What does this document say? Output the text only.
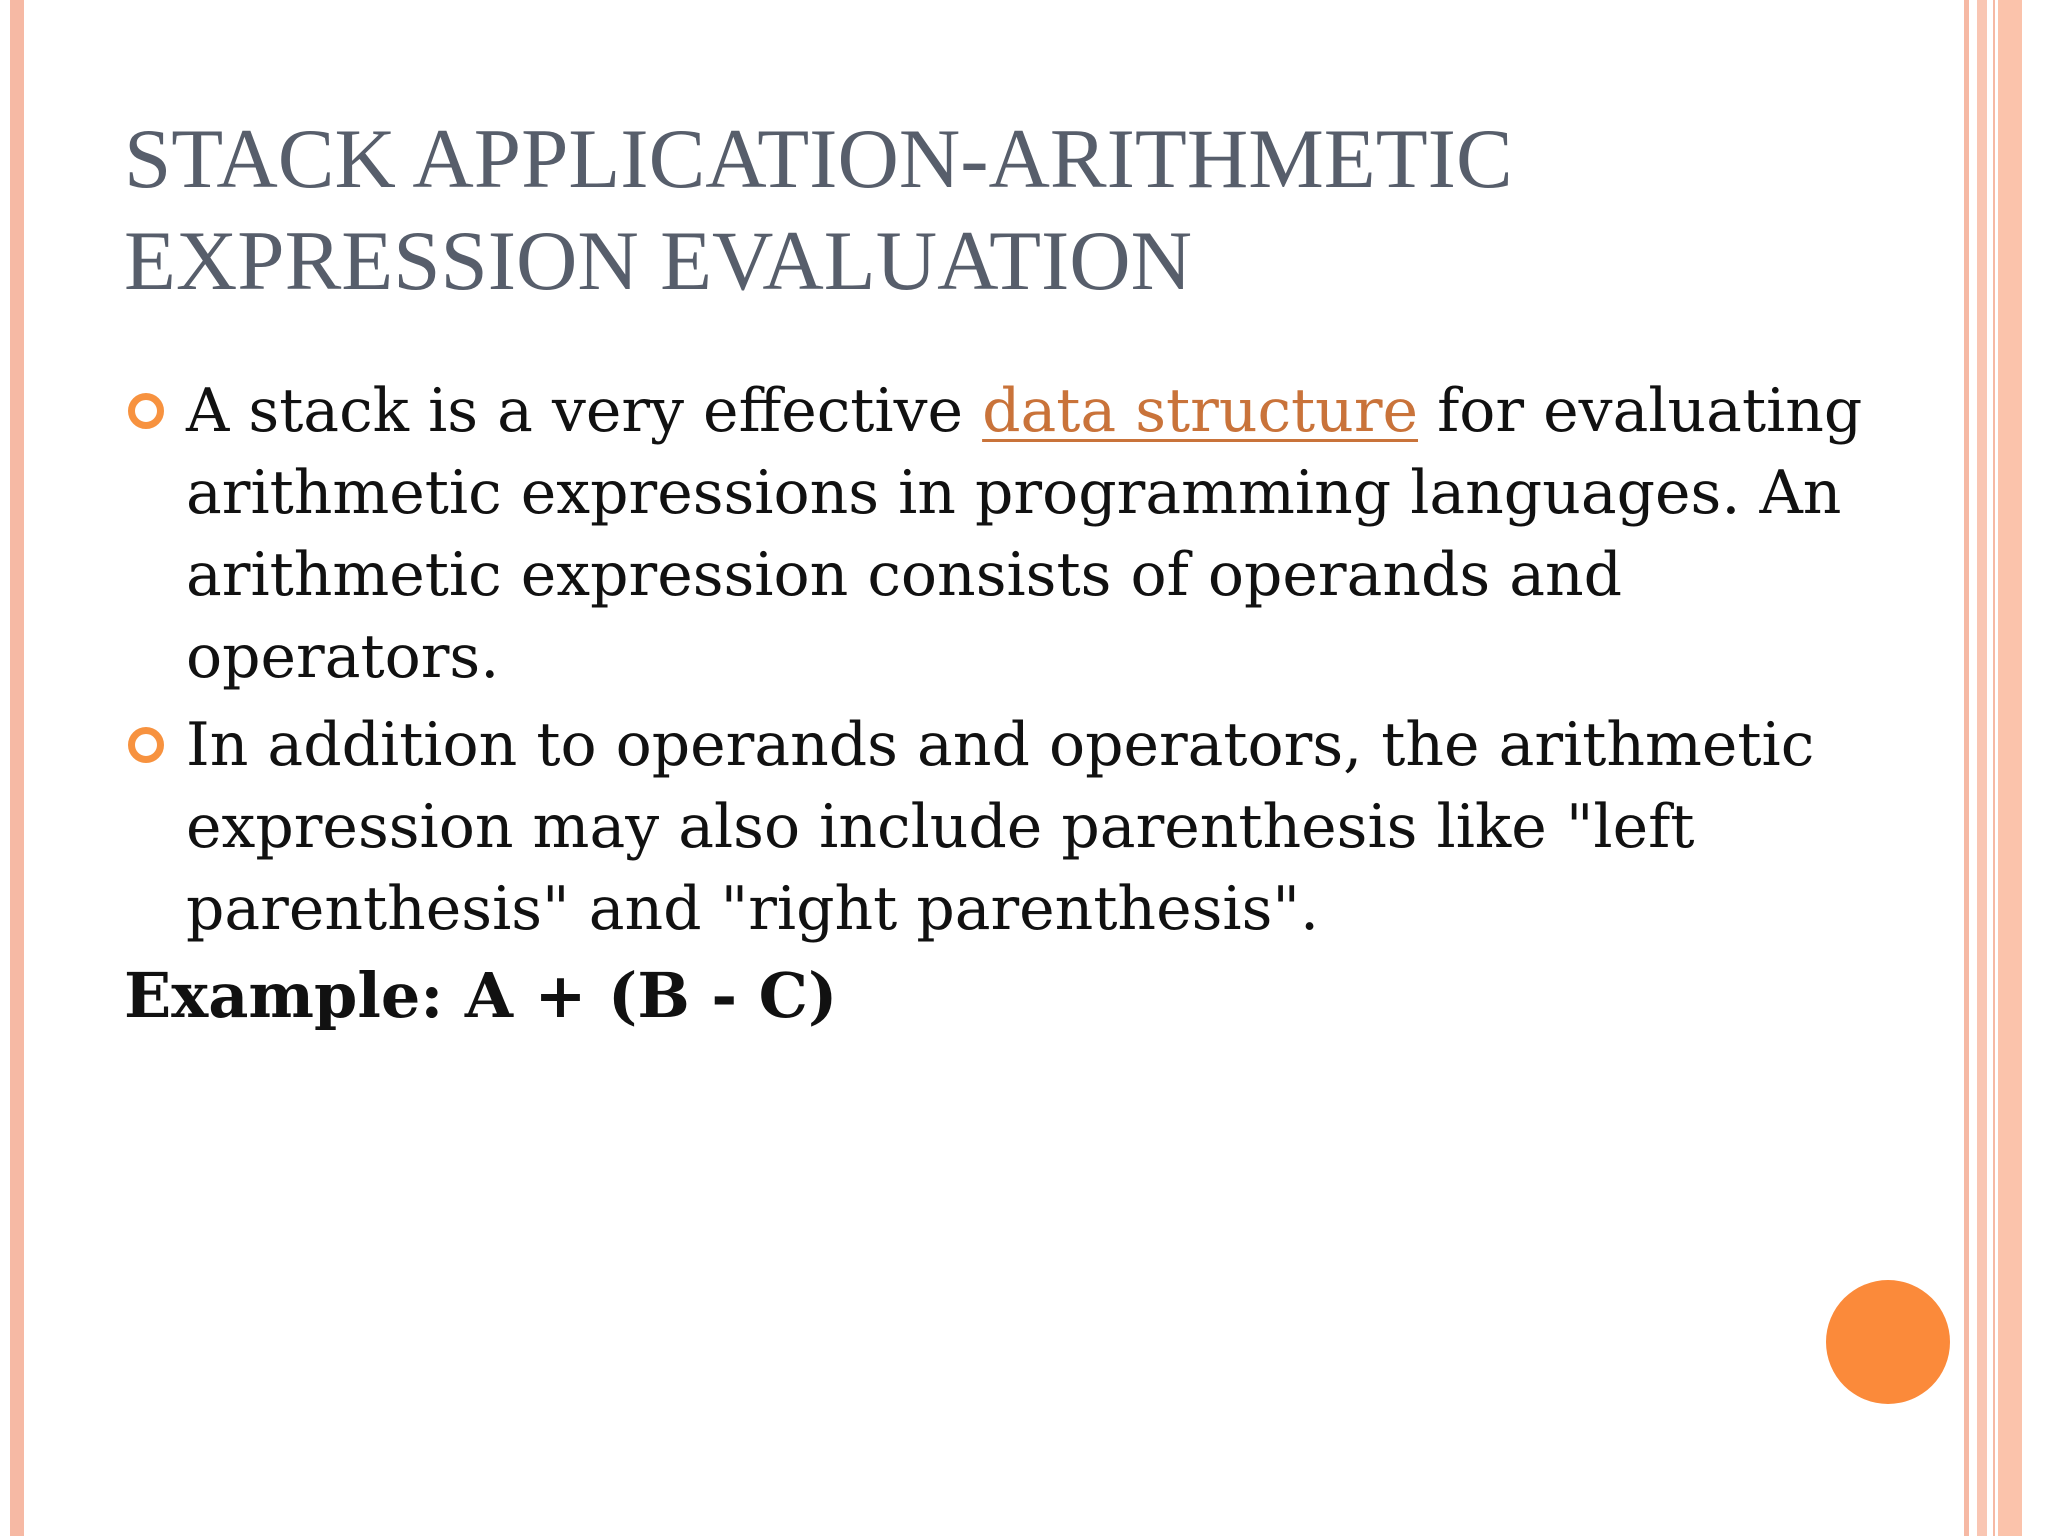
STACK APPLICATION-ARITHMETIC EXPRESSION EVALUATION
A stack is a very effective data structure for evaluating arithmetic expressions in programming languages. An arithmetic expression consists of operands and operators.
In addition to operands and operators, the arithmetic expression may also include parenthesis like "left parenthesis" and "right parenthesis".
Example: A + (B - C)
